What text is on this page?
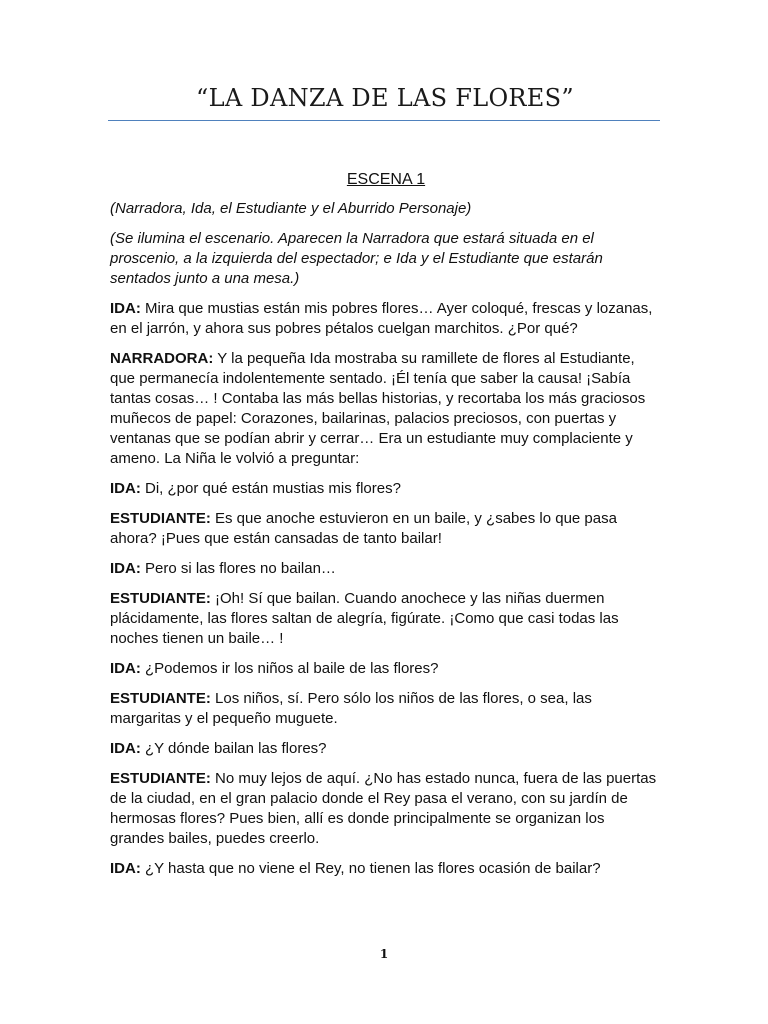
“LA DANZA DE LAS FLORES”

ESCENA 1

(Narradora, Ida, el Estudiante y el Aburrido Personaje)

(Se ilumina el escenario. Aparecen la Narradora que estará situada en el proscenio, a la izquierda del espectador; e Ida y el Estudiante que estarán sentados junto a una mesa.)

IDA: Mira que mustias están mis pobres flores… Ayer coloqué, frescas y lozanas, en el jarrón, y ahora sus pobres pétalos cuelgan marchitos. ¿Por qué?

NARRADORA: Y la pequeña Ida mostraba su ramillete de flores al Estudiante, que permanecía indolentemente sentado. ¡Él tenía que saber la causa! ¡Sabía tantas cosas… ! Contaba las más bellas historias, y recortaba los más graciosos muñecos de papel: Corazones, bailarinas, palacios preciosos, con puertas y ventanas que se podían abrir y cerrar… Era un estudiante muy complaciente y ameno. La Niña le volvió a preguntar:

IDA: Di, ¿por qué están mustias mis flores?

ESTUDIANTE: Es que anoche estuvieron en un baile, y ¿sabes lo que pasa ahora? ¡Pues que están cansadas de tanto bailar!

IDA: Pero si las flores no bailan…

ESTUDIANTE: ¡Oh! Sí que bailan. Cuando anochece y las niñas duermen plácidamente, las flores saltan de alegría, figúrate. ¡Como que casi todas las noches tienen un baile… !

IDA: ¿Podemos ir los niños al baile de las flores?

ESTUDIANTE: Los niños, sí. Pero sólo los niños de las flores, o sea, las margaritas y el pequeño muguete.

IDA: ¿Y dónde bailan las flores?

ESTUDIANTE: No muy lejos de aquí. ¿No has estado nunca, fuera de las puertas de la ciudad, en el gran palacio donde el Rey pasa el verano, con su jardín de hermosas flores? Pues bien, allí es donde principalmente se organizan los grandes bailes, puedes creerlo.

IDA: ¿Y hasta que no viene el Rey, no tienen las flores ocasión de bailar?

1
